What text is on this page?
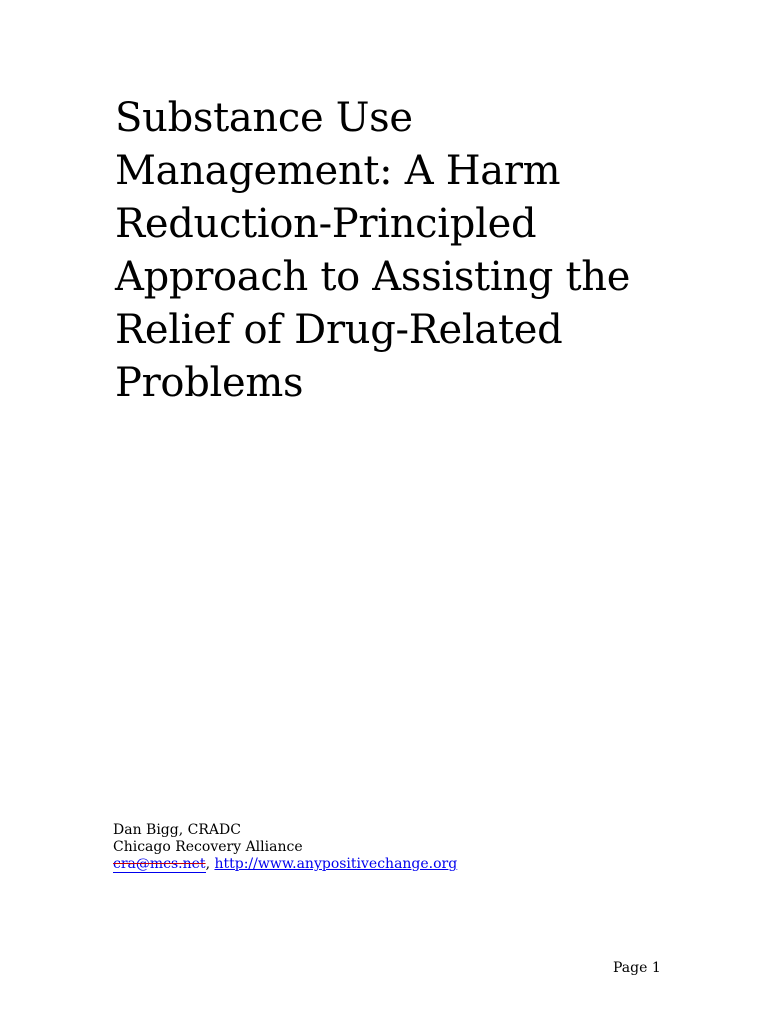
Substance Use
Management: A Harm
Reduction-Principled
Approach to Assisting the
Relief of Drug-Related
Problems
Dan Bigg, CRADC
Chicago Recovery Alliance
cra@mcs.net, http://www.anypositivechange.org
Page 1
